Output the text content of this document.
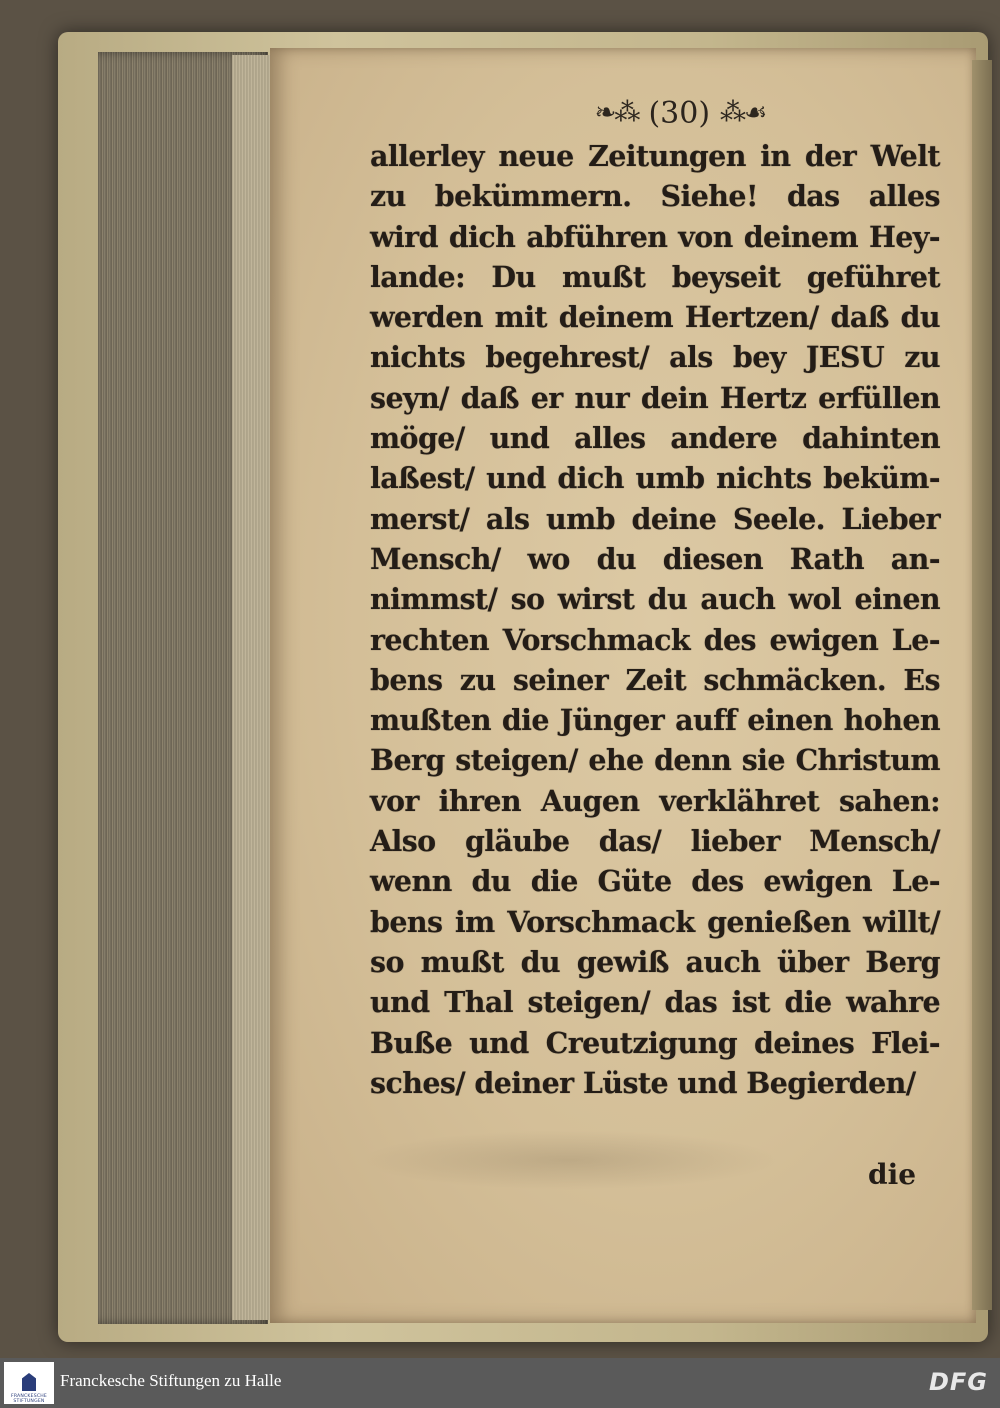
❧⁂ (30) ⁂☙
allerley neue Zeitungen in der Welt
zu bekümmern. Siehe! das alles
wird dich abführen von deinem Hey-
lande: Du mußt beyseit geführet
werden mit deinem Hertzen/ daß du
nichts begehrest/ als bey JESU zu
seyn/ daß er nur dein Hertz erfüllen
möge/ und alles andere dahinten
laßest/ und dich umb nichts beküm-
merst/ als umb deine Seele. Lieber
Mensch/ wo du diesen Rath an-
nimmst/ so wirst du auch wol einen
rechten Vorschmack des ewigen Le-
bens zu seiner Zeit schmäcken. Es
mußten die Jünger auff einen hohen
Berg steigen/ ehe denn sie Christum
vor ihren Augen verklähret sahen:
Also gläube das/ lieber Mensch/
wenn du die Güte des ewigen Le-
bens im Vorschmack genießen willt/
so mußt du gewiß auch über Berg
und Thal steigen/ das ist die wahre
Buße und Creutzigung deines Flei-
sches/ deiner Lüste und Begierden/
die
FRANCKESCHE
STIFTUNGEN
Franckesche Stiftungen zu Halle	DFG
